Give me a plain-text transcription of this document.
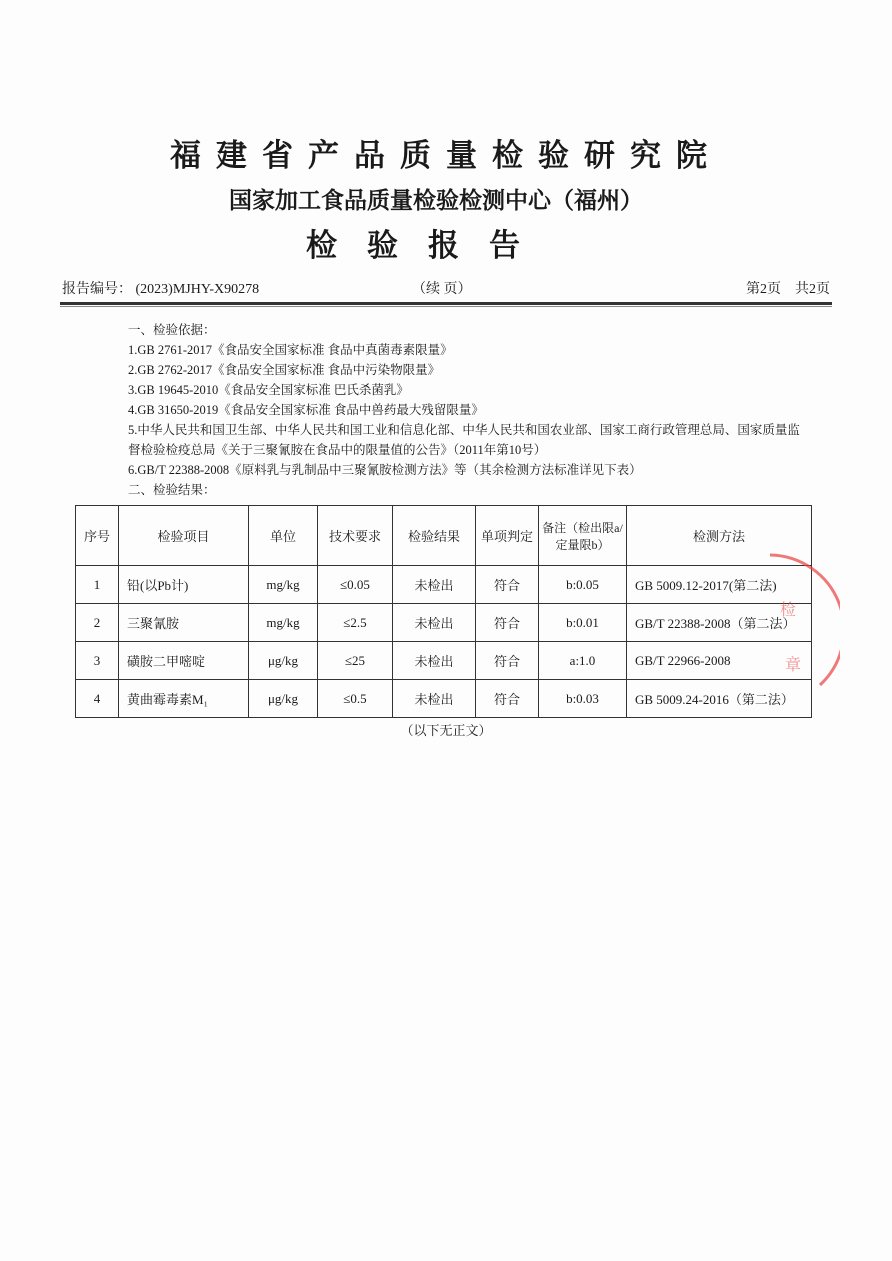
福建省产品质量检验研究院
国家加工食品质量检验检测中心（福州）
检验报告
报告编号： (2023)MJHY-X90278	（续 页）	第2页　共2页
一、检验依据：
1.GB 2761-2017《食品安全国家标准 食品中真菌毒素限量》
2.GB 2762-2017《食品安全国家标准 食品中污染物限量》
3.GB 19645-2010《食品安全国家标准 巴氏杀菌乳》
4.GB 31650-2019《食品安全国家标准 食品中兽药最大残留限量》
5.中华人民共和国卫生部、中华人民共和国工业和信息化部、中华人民共和国农业部、国家工商行政管理总局、国家质量监督检验检疫总局《关于三聚氰胺在食品中的限量值的公告》（2011年第10号）
6.GB/T 22388-2008《原料乳与乳制品中三聚氰胺检测方法》等（其余检测方法标准详见下表）
二、检验结果：
序号	检验项目	单位	技术要求	检验结果	单项判定	备注（检出限a/定量限b）	检测方法
1	铅(以Pb计)	mg/kg	≤0.05	未检出	符合	b:0.05	GB 5009.12-2017(第二法)
2	三聚氰胺	mg/kg	≤2.5	未检出	符合	b:0.01	GB/T 22388-2008（第二法）
3	磺胺二甲嘧啶	μg/kg	≤25	未检出	符合	a:1.0	GB/T 22966-2008
4	黄曲霉毒素M₁	μg/kg	≤0.5	未检出	符合	b:0.03	GB 5009.24-2016（第二法）
（以下无正文）
检
章
